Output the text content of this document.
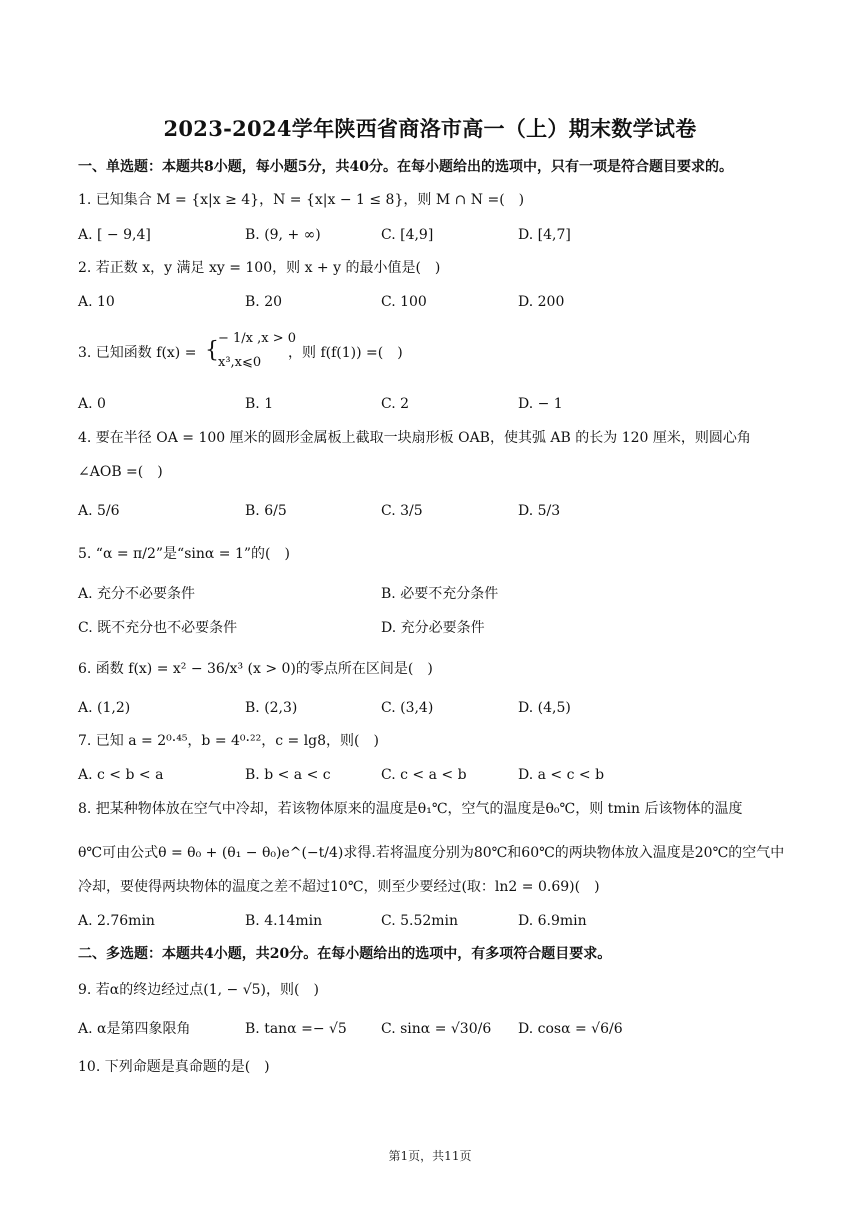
2023-2024学年陕西省商洛市高一（上）期末数学试卷
一、单选题：本题共8小题，每小题5分，共40分。在每小题给出的选项中，只有一项是符合题目要求的。
1. 已知集合 M = {x|x ≥ 4}，N = {x|x − 1 ≤ 8}，则 M ∩ N =(　)
A. [ − 9,4]	B. (9, + ∞)	C. [4,9]	D. [4,7]
2. 若正数 x，y 满足 xy = 100，则 x + y 的最小值是(　)
A. 10	B. 20	C. 100	D. 200
3. 已知函数 f(x) = { − 1/x ,x > 0
x³,x⩽0
，则 f(f(1)) =(　)
A. 0	B. 1	C. 2	D. − 1
4. 要在半径 OA = 100 厘米的圆形金属板上截取一块扇形板 OAB，使其弧 AB 的长为 120 厘米，则圆心角
∠AOB =(　)
A. 5/6	B. 6/5	C. 3/5	D. 5/3
5. “α = π/2”是“sinα = 1”的(　)
A. 充分不必要条件	B. 必要不充分条件
C. 既不充分也不必要条件	D. 充分必要条件
6. 函数 f(x) = x² − 36/x³ (x > 0)的零点所在区间是(　)
A. (1,2)	B. (2,3)	C. (3,4)	D. (4,5)
7. 已知 a = 2⁰·⁴⁵，b = 4⁰·²²，c = lg8，则(　)
A. c < b < a	B. b < a < c	C. c < a < b	D. a < c < b
8. 把某种物体放在空气中冷却，若该物体原来的温度是θ₁℃，空气的温度是θ₀℃，则 tmin 后该物体的温度
θ℃可由公式θ = θ₀ + (θ₁ − θ₀)e^(−t/4)求得.若将温度分别为80℃和60℃的两块物体放入温度是20℃的空气中
冷却，要使得两块物体的温度之差不超过10℃，则至少要经过(取：ln2 = 0.69)(　)
A. 2.76min	B. 4.14min	C. 5.52min	D. 6.9min
二、多选题：本题共4小题，共20分。在每小题给出的选项中，有多项符合题目要求。
9. 若α的终边经过点(1, − √5)，则(　)
A. α是第四象限角	B. tanα =− √5 C. sinα = √30/6 D. cosα = √6/6
10. 下列命题是真命题的是(　)
第1页，共11页
